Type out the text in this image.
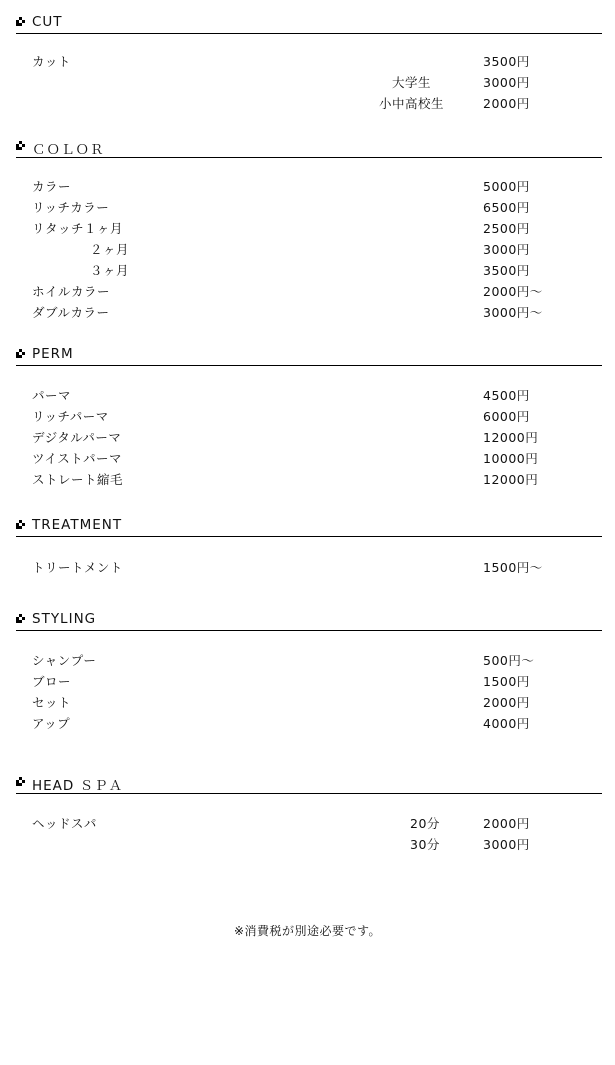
CUT
カット	3500円
大学生	3000円
小中高校生	2000円
ＣＯＬＯＲ
カラー	5000円
リッチカラー	6500円
リタッチ１ヶ月	2500円
２ヶ月	3000円
３ヶ月	3500円
ホイルカラー	2000円～
ダブルカラー	3000円～
PERM
パーマ	4500円
リッチパーマ	6000円
デジタルパーマ	12000円
ツイストパーマ	10000円
ストレート縮毛	12000円
TREATMENT
トリートメント	1500円～
STYLING
シャンプー	500円～
ブロー	1500円
セット	2000円
アップ	4000円
HEAD ＳＰＡ
ヘッドスパ	20分	2000円
30分	3000円
※消費税が別途必要です。
